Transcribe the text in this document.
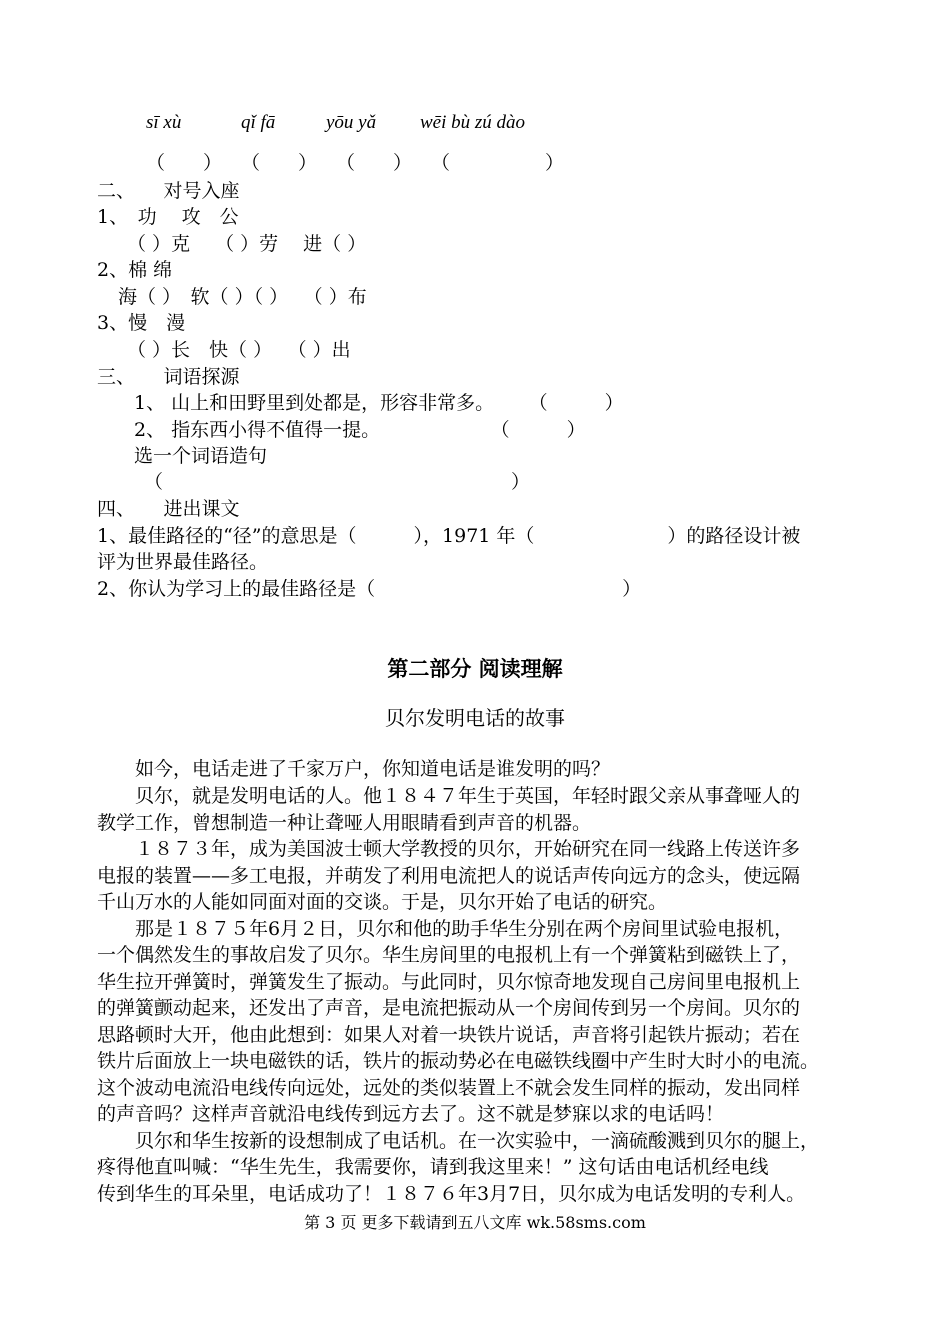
sī xù	qǐ fā	yōu yǎ wēi bù zú dào
（　　）　　（　　）　　（　　）　　（　　　　　）
二、　　对号入座
1、　功　 攻　公
（ ）克　 （ ）劳　 进（ ）
2、棉 绵
海（ ）　软（ ）（ ）　 （ ）布
3、慢　漫
（ ）长　快（ ）　 （ ）出
三、　　词语探源
1、 山上和田野里到处都是，形容非常多。　　 （　　　）
2、 指东西小得不值得一提。　　　　　　 （　　　）
选一个词语造句
（　　　　　　　　　　　　　　　　　　 ）
四、　　进出课文
1、最佳路径的“径”的意思是（　　　），1971 年（　　　　　　　）的路径设计被
评为世界最佳路径。
2、你认为学习上的最佳路径是（　　　　　　　　　　　　　）
第二部分 阅读理解
贝尔发明电话的故事
　　如今，电话走进了千家万户，你知道电话是谁发明的吗？
　　贝尔，就是发明电话的人。他１８４７年生于英国，年轻时跟父亲从事聋哑人的
教学工作，曾想制造一种让聋哑人用眼睛看到声音的机器。
　　１８７３年，成为美国波士顿大学教授的贝尔，开始研究在同一线路上传送许多
电报的装置——多工电报，并萌发了利用电流把人的说话声传向远方的念头，使远隔
千山万水的人能如同面对面的交谈。于是，贝尔开始了电话的研究。
　　那是１８７５年6月２日，贝尔和他的助手华生分别在两个房间里试验电报机，
一个偶然发生的事故启发了贝尔。华生房间里的电报机上有一个弹簧粘到磁铁上了，
华生拉开弹簧时，弹簧发生了振动。与此同时，贝尔惊奇地发现自己房间里电报机上
的弹簧颤动起来，还发出了声音，是电流把振动从一个房间传到另一个房间。贝尔的
思路顿时大开，他由此想到：如果人对着一块铁片说话，声音将引起铁片振动；若在
铁片后面放上一块电磁铁的话，铁片的振动势必在电磁铁线圈中产生时大时小的电流。
这个波动电流沿电线传向远处，远处的类似装置上不就会发生同样的振动，发出同样
的声音吗？这样声音就沿电线传到远方去了。这不就是梦寐以求的电话吗！
　　贝尔和华生按新的设想制成了电话机。在一次实验中，一滴硫酸溅到贝尔的腿上，
疼得他直叫喊：“华生先生，我需要你，请到我这里来！” 这句话由电话机经电线
传到华生的耳朵里，电话成功了！１８７６年3月7日，贝尔成为电话发明的专利人。
第 3 页 更多下载请到五八文库 wk.58sms.com
